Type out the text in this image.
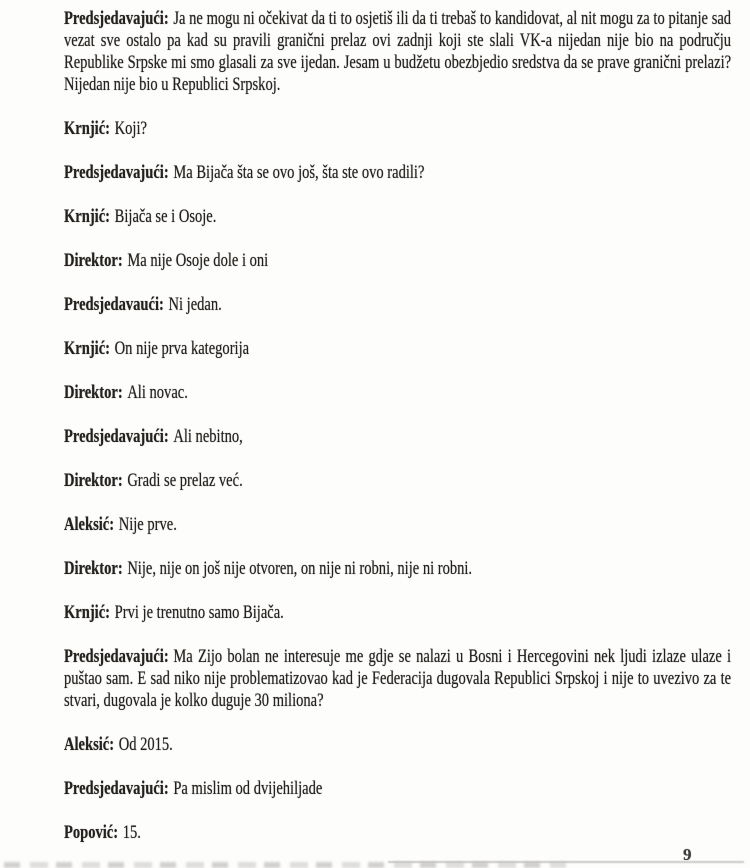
Predsjedavajući: Ja ne mogu ni očekivat da ti to osjetiš ili da ti trebaš to kandidovat, al nit mogu za to pitanje sad vezat sve ostalo pa kad su pravili granični prelaz ovi zadnji koji ste slali VK-a nijedan nije bio na području Republike Srpske mi smo glasali za sve ijedan. Jesam u budžetu obezbjedio sredstva da se prave granični prelazi? Nijedan nije bio u Republici Srpskoj.

Krnjić: Koji?

Predsjedavajući: Ma Bijača šta se ovo još, šta ste ovo radili?

Krnjić: Bijača se i Osoje.

Direktor: Ma nije Osoje dole i oni

Predsjedavaući: Ni jedan.

Krnjić: On nije prva kategorija

Direktor: Ali novac.

Predsjedavajući: Ali nebitno,

Direktor: Gradi se prelaz već.

Aleksić: Nije prve.

Direktor: Nije, nije on još nije otvoren, on nije ni robni, nije ni robni.

Krnjić: Prvi je trenutno samo Bijača.

Predsjedavajući: Ma Zijo bolan ne interesuje me gdje se nalazi u Bosni i Hercegovini nek ljudi izlaze ulaze i puštao sam. E sad niko nije problematizovao kad je Federacija dugovala Republici Srpskoj i nije to uvezivo za te stvari, dugovala je kolko duguje 30 miliona?

Aleksić: Od 2015.

Predsjedavajući: Pa mislim od dvijehiljade

Popović: 15.

9
